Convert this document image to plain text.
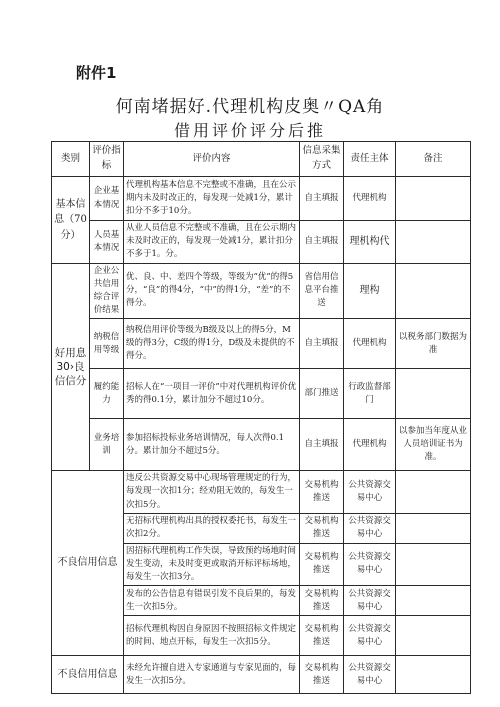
附件1
何南堵据好.代理机构皮奥〃QA角
借用评价评分后推
类别	评价指标	评价内容	信息采集方式	责任主体	备注
基本信息（70分）	企业基本情况	代理机构基本信息不完整或不准确，且在公示期内未及时改正的，每发现一处减1分，累计扣分不多于10分。	自主填报	代理机构	
	人员基本情况	从业人员信息不完整或不准确，且在公示期内未及时改正的，每发现一处减1分，累计扣分不多于1。分。	自主填报	理机构代	
好用息30›良信信分	企业公共信用综合评价结果	优、良、中、差四个等级，等级为“优”的得5分，“良”的得4分，“中”的得1分，“差”的不得分。	省信用信息平台推送	理构	
	纳税信用等级	纳税信用评价等级为B级及以上的得5分，M级的得3分，C级的得1分，D级及未提供的不得分。	自主填报	代理机构	以税务部门数据为准
	履约能力	招标人在“一项目一评价”中对代理机构评价优秀的得0.1分，累计加分不超过10分。	部门推送	行政监督部门	
	业务培训	参加招标投标业务培训情况，每人次得0.1分。累计加分不超过5分。	自主填报	代理机构	以参加当年度从业人员培训证书为准。
不良信用信息		违反公共资源交易中心现场管理规定的行为，每发现一次扣1分；经劝阻无效的，每发生一次扣5分。	交易机构推送	公共资源交易中心	
		无招标代理机构出具的授权委托书，每发生一次扣2分。	交易机构推送	公共资源交易中心	
		因招标代理机构工作失误，导致预约场地时间发生变动，未及时变更或取消开标评标场地，每发生一次扣3分。	交易机构推送	公共资源交易中心	
		发布的公告信息有错误引发不良后果的，每发生一次扣5分。	交易机构推送	公共资源交易中心	
		招标代理机构因自身原因不按照招标文件规定的时间、地点开标，每发生一次扣5分。	交易机构推送	公共资源交易中心	
不良信用信息		未经允许擅自进入专家通道与专家见面的，每发生一次扣5分。	交易机构推送	公共资源交易中心	
